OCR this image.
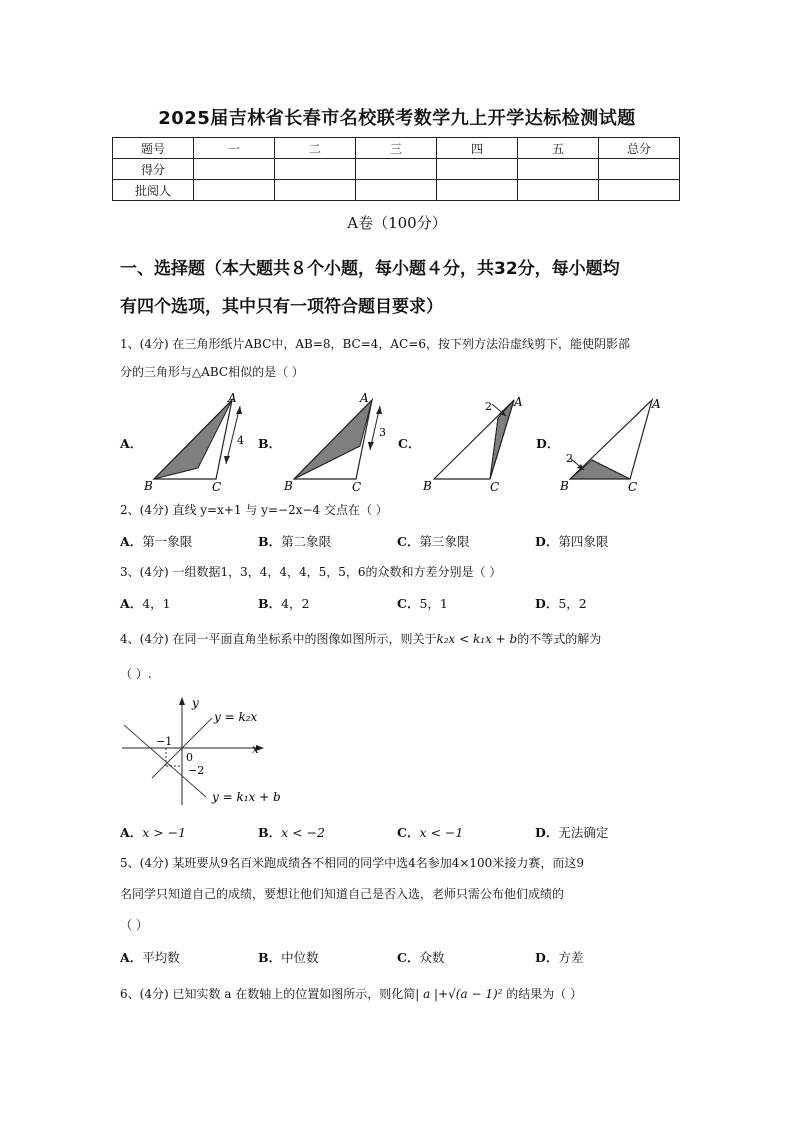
2025届吉林省长春市名校联考数学九上开学达标检测试题
题号	一	二	三	四	五	总分
得分						
批阅人						
A卷（100分）
一、选择题（本大题共８个小题，每小题４分，共32分，每小题均
有四个选项，其中只有一项符合题目要求）
1、(4分) 在三角形纸片ABC中，AB=8，BC=4，AC=6，按下列方法沿虚线剪下，能使阴影部
分的三角形与△ABC相似的是（ ）
A．	B．	C．	D．
A
B	C
4
A
B	C
3
A
B	C
2	A
B	C
2
2、(4分) 直线 y=x+1 与 y=−2x−4 交点在（ ）
A．第一象限	B．第二象限	C．第三象限	D．第四象限
3、(4分) 一组数据1，3，4，4，4，5，5，6的众数和方差分别是（ ）
A．4，1	B．4，2	C．5，1	D．5，2
4、(4分) 在同一平面直角坐标系中的图像如图所示，则关于k₂x < k₁x + b的不等式的解为
（ ）.
y
x
y = k₂x
y = k₁x + b
−1
0
−2
A．x > −1	B．x < −2	C．x < −1	D．无法确定
5、(4分) 某班要从9名百米跑成绩各不相同的同学中选4名参加4×100米接力赛，而这9
名同学只知道自己的成绩，要想让他们知道自己是否入选，老师只需公布他们成绩的
（ ）
A．平均数	B．中位数	C．众数	D．方差
6、(4分) 已知实数 a 在数轴上的位置如图所示，则化简| a |+√(a − 1)² 的结果为（ ）
